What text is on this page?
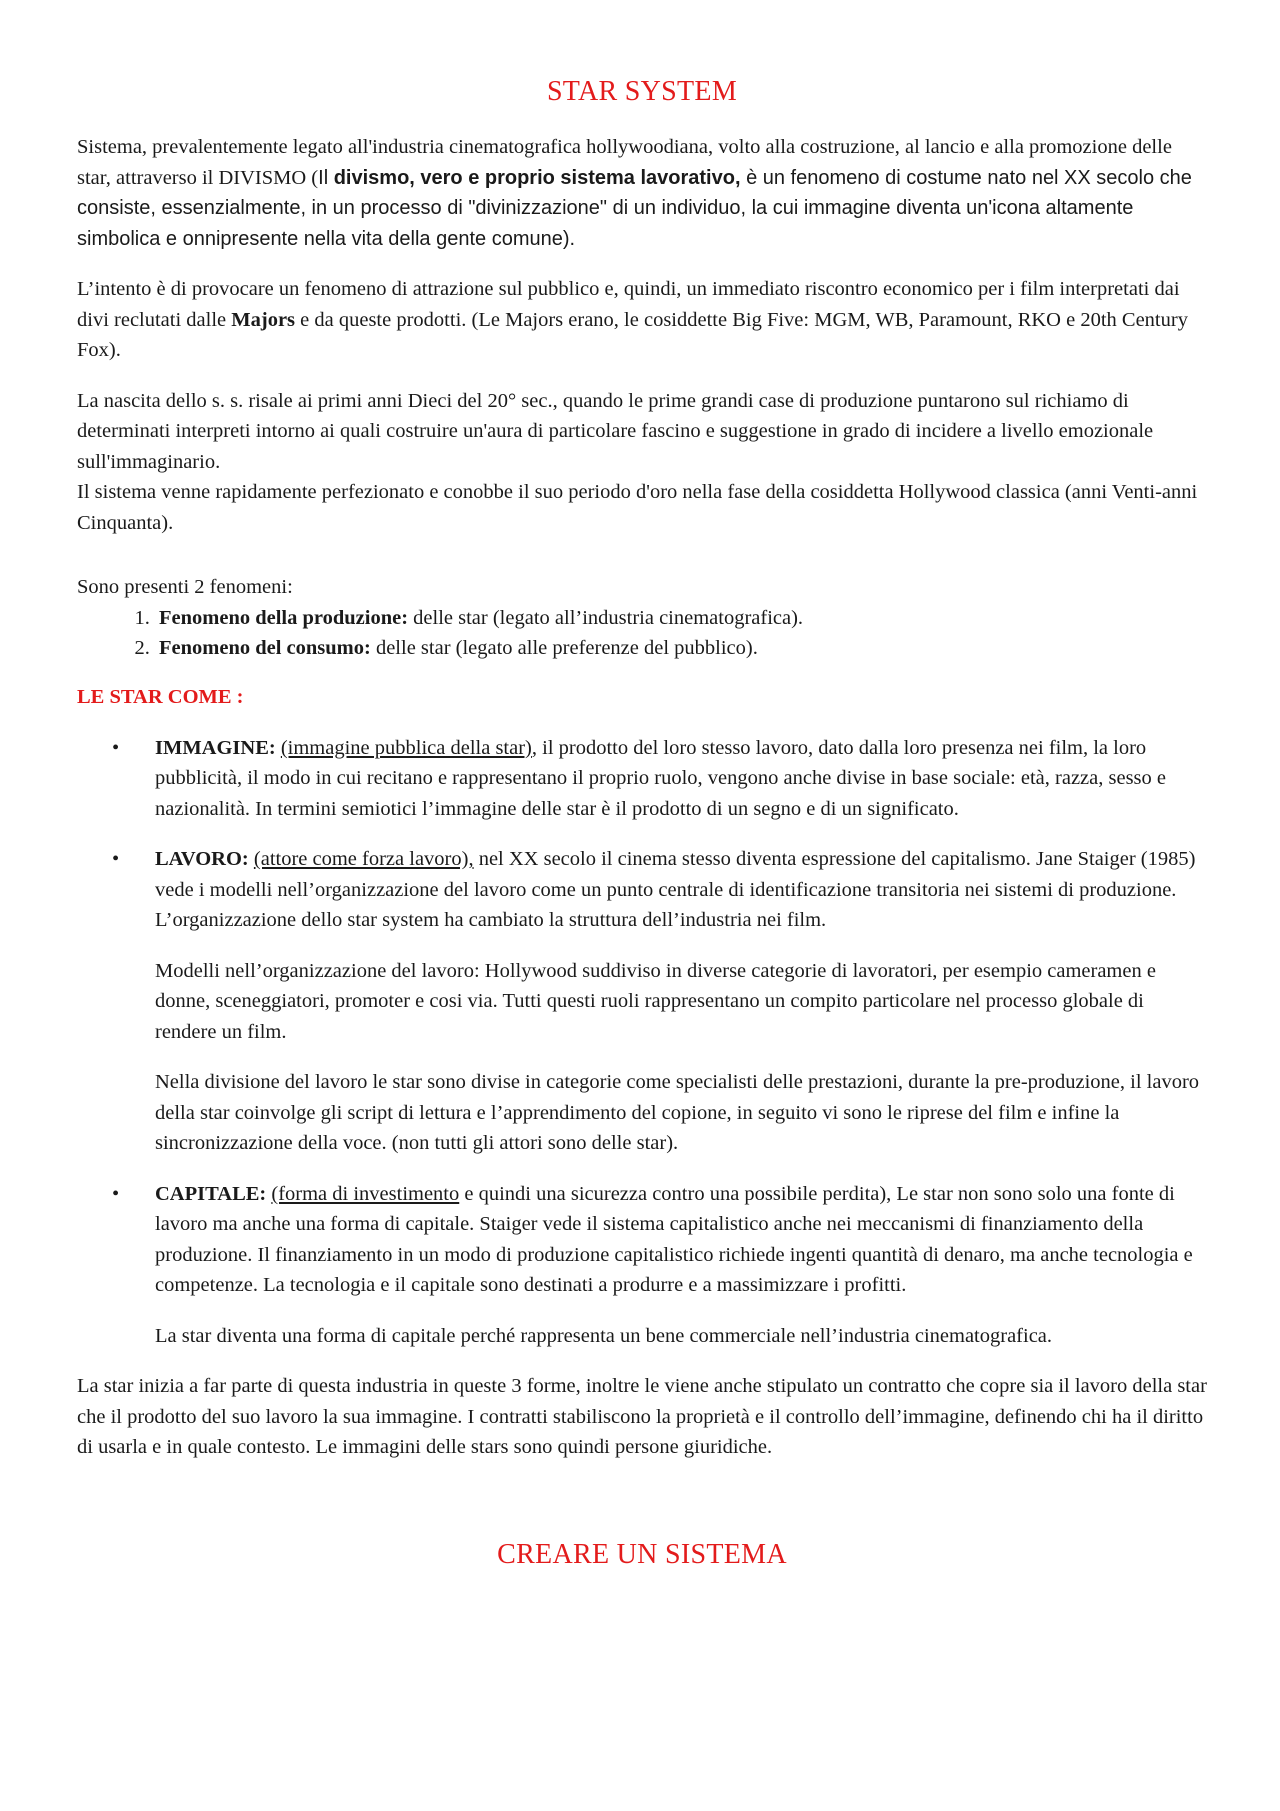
STAR SYSTEM

Sistema, prevalentemente legato all'industria cinematografica hollywoodiana, volto alla costruzione, al lancio e alla promozione delle star, attraverso il DIVISMO (Il divismo, vero e proprio sistema lavorativo, è un fenomeno di costume nato nel XX secolo che consiste, essenzialmente, in un processo di "divinizzazione" di un individuo, la cui immagine diventa un'icona altamente simbolica e onnipresente nella vita della gente comune).

L’intento è di provocare un fenomeno di attrazione sul pubblico e, quindi, un immediato riscontro economico per i film interpretati dai divi reclutati dalle Majors e da queste prodotti. (Le Majors erano, le cosiddette Big Five: MGM, WB, Paramount, RKO e 20th Century Fox).

La nascita dello s. s. risale ai primi anni Dieci del 20° sec., quando le prime grandi case di produzione puntarono sul richiamo di determinati interpreti intorno ai quali costruire un'aura di particolare fascino e suggestione in grado di incidere a livello emozionale sull'immaginario.
Il sistema venne rapidamente perfezionato e conobbe il suo periodo d'oro nella fase della cosiddetta Hollywood classica (anni Venti-anni Cinquanta).

Sono presenti 2 fenomeni:

1. Fenomeno della produzione: delle star (legato all’industria cinematografica).
2. Fenomeno del consumo: delle star (legato alle preferenze del pubblico).
LE STAR COME :
• IMMAGINE: (immagine pubblica della star), il prodotto del loro stesso lavoro, dato dalla loro presenza nei film, la loro pubblicità, il modo in cui recitano e rappresentano il proprio ruolo, vengono anche divise in base sociale: età, razza, sesso e nazionalità. In termini semiotici l’immagine delle star è il prodotto di un segno e di un significato.

• LAVORO: (attore come forza lavoro), nel XX secolo il cinema stesso diventa espressione del capitalismo. Jane Staiger (1985) vede i modelli nell’organizzazione del lavoro come un punto centrale di identificazione transitoria nei sistemi di produzione. L’organizzazione dello star system ha cambiato la struttura dell’industria nei film.

Modelli nell’organizzazione del lavoro: Hollywood suddiviso in diverse categorie di lavoratori, per esempio cameramen e donne, sceneggiatori, promoter e cosi via. Tutti questi ruoli rappresentano un compito particolare nel processo globale di rendere un film.

Nella divisione del lavoro le star sono divise in categorie come specialisti delle prestazioni, durante la pre-produzione, il lavoro della star coinvolge gli script di lettura e l’apprendimento del copione, in seguito vi sono le riprese del film e infine la sincronizzazione della voce. (non tutti gli attori sono delle star).

• CAPITALE: (forma di investimento e quindi una sicurezza contro una possibile perdita), Le star non sono solo una fonte di lavoro ma anche una forma di capitale. Staiger vede il sistema capitalistico anche nei meccanismi di finanziamento della produzione. Il finanziamento in un modo di produzione capitalistico richiede ingenti quantità di denaro, ma anche tecnologia e competenze. La tecnologia e il capitale sono destinati a produrre e a massimizzare i profitti.

La star diventa una forma di capitale perché rappresenta un bene commerciale nell’industria cinematografica.

La star inizia a far parte di questa industria in queste 3 forme, inoltre le viene anche stipulato un contratto che copre sia il lavoro della star che il prodotto del suo lavoro la sua immagine. I contratti stabiliscono la proprietà e il controllo dell’immagine, definendo chi ha il diritto di usarla e in quale contesto. Le immagini delle stars sono quindi persone giuridiche.

CREARE UN SISTEMA
